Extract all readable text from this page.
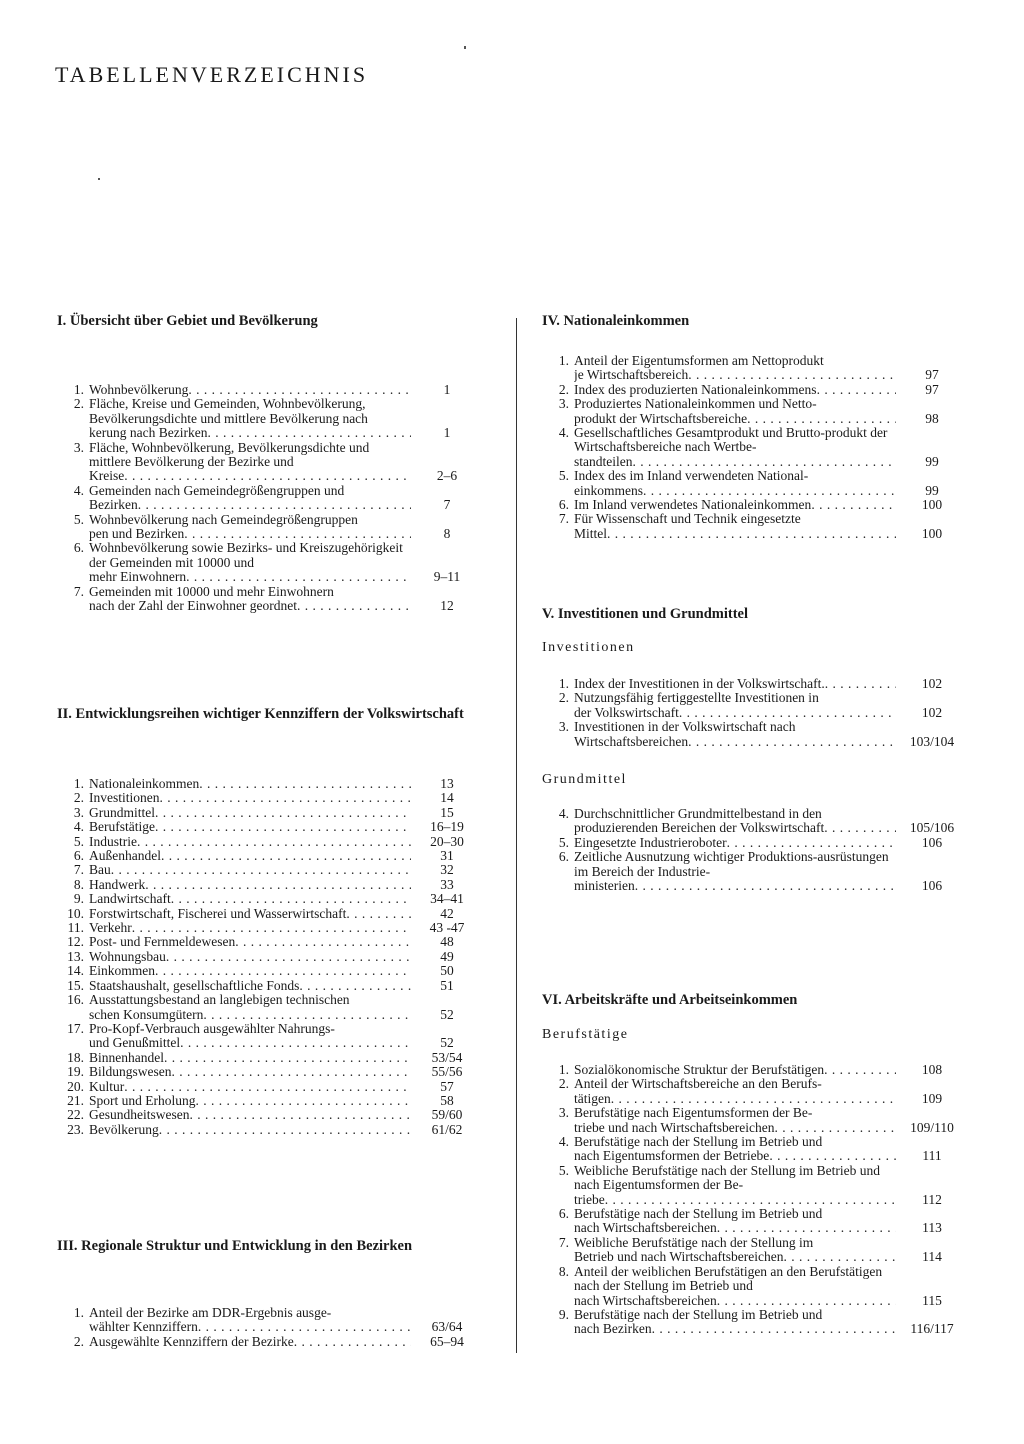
TABELLENVERZEICHNIS
I. Übersicht über Gebiet und Bevölkerung
1. Wohnbevölkerung . . .	1
2. Fläche, Kreise und Gemeinden, Wohnbevölkerung, Bevölkerungsdichte und mittlere Bevölkerung nach
kerung nach Bezirken . . .	1
3. Fläche, Wohnbevölkerung, Bevölkerungsdichte und mittlere Bevölkerung der Bezirke und
Kreise . . .	2–6
4. Gemeinden nach Gemeindegrößengruppen und
Bezirken . . .	7
5. Wohnbevölkerung nach Gemeindegrößengruppen
pen und Bezirken . . .	8
6. Wohnbevölkerung sowie Bezirks- und Kreiszugehörigkeit der Gemeinden mit 10000 und
mehr Einwohnern . . .	9–11
7. Gemeinden mit 10000 und mehr Einwohnern
nach der Zahl der Einwohner geordnet . . .	12
II. Entwicklungsreihen wichtiger Kennziffern der Volkswirtschaft
1. Nationaleinkommen . . .	13
2. Investitionen . . .	14
3. Grundmittel . . .	15
4. Berufstätige . . .	16–19
5. Industrie . . .	20–30
6. Außenhandel . . .	31
7. Bau . . .	32
8. Handwerk . . .	33
9. Landwirtschaft . . .	34–41
10. Forstwirtschaft, Fischerei und Wasserwirtschaft . . .	42
11. Verkehr . . .	43 -47
12. Post- und Fernmeldewesen . . .	48
13. Wohnungsbau . . .	49
14. Einkommen . . .	50
15. Staatshaushalt, gesellschaftliche Fonds . . .	51
16. Ausstattungsbestand an langlebigen technischen
schen Konsumgütern . . .	52
17. Pro-Kopf-Verbrauch ausgewählter Nahrungs-
und Genußmittel . . .	52
18. Binnenhandel . . .	53/54
19. Bildungswesen . . .	55/56
20. Kultur . . .	57
21. Sport und Erholung . . .	58
22. Gesundheitswesen . . .	59/60
23. Bevölkerung . . .	61/62
III. Regionale Struktur und Entwicklung in den Bezirken
1. Anteil der Bezirke am DDR-Ergebnis ausge-
wählter Kennziffern . . .	63/64
2. Ausgewählte Kennziffern der Bezirke . . .	65–94
IV. Nationaleinkommen
1. Anteil der Eigentumsformen am Nettoprodukt
je Wirtschaftsbereich . . .	97
2. Index des produzierten Nationaleinkommens . . .	97
3. Produziertes Nationaleinkommen und Netto-
produkt der Wirtschaftsbereiche . . .	98
4. Gesellschaftliches Gesamtprodukt und Brutto-produkt der Wirtschaftsbereiche nach Wertbe-
standteilen . . .	99
5. Index des im Inland verwendeten National-
einkommens . . .	99
6. Im Inland verwendetes Nationaleinkommen . . .	100
7. Für Wissenschaft und Technik eingesetzte
Mittel . . .	100
V. Investitionen und Grundmittel
Investitionen
1. Index der Investitionen in der Volkswirtschaft. . . .	102
2. Nutzungsfähig fertiggestellte Investitionen in
der Volkswirtschaft . . .	102
3. Investitionen in der Volkswirtschaft nach
Wirtschaftsbereichen . . .	103/104
Grundmittel
4. Durchschnittlicher Grundmittelbestand in den
produzierenden Bereichen der Volkswirtschaft . . .	105/106
5. Eingesetzte Industrieroboter . . .	106
6. Zeitliche Ausnutzung wichtiger Produktions-ausrüstungen im Bereich der Industrie-
ministerien . . .	106
VI. Arbeitskräfte und Arbeitseinkommen
Berufstätige
1. Sozialökonomische Struktur der Berufstätigen . . .	108
2. Anteil der Wirtschaftsbereiche an den Berufs-
tätigen . . .	109
3. Berufstätige nach Eigentumsformen der Be-
triebe und nach Wirtschaftsbereichen . . .	109/110
4. Berufstätige nach der Stellung im Betrieb und
nach Eigentumsformen der Betriebe . . .	111
5. Weibliche Berufstätige nach der Stellung im Betrieb und nach Eigentumsformen der Be-
triebe . . .	112
6. Berufstätige nach der Stellung im Betrieb und
nach Wirtschaftsbereichen . . .	113
7. Weibliche Berufstätige nach der Stellung im
Betrieb und nach Wirtschaftsbereichen . . .	114
8. Anteil der weiblichen Berufstätigen an den Berufstätigen nach der Stellung im Betrieb und
nach Wirtschaftsbereichen . . .	115
9. Berufstätige nach der Stellung im Betrieb und
nach Bezirken . . .	116/117
